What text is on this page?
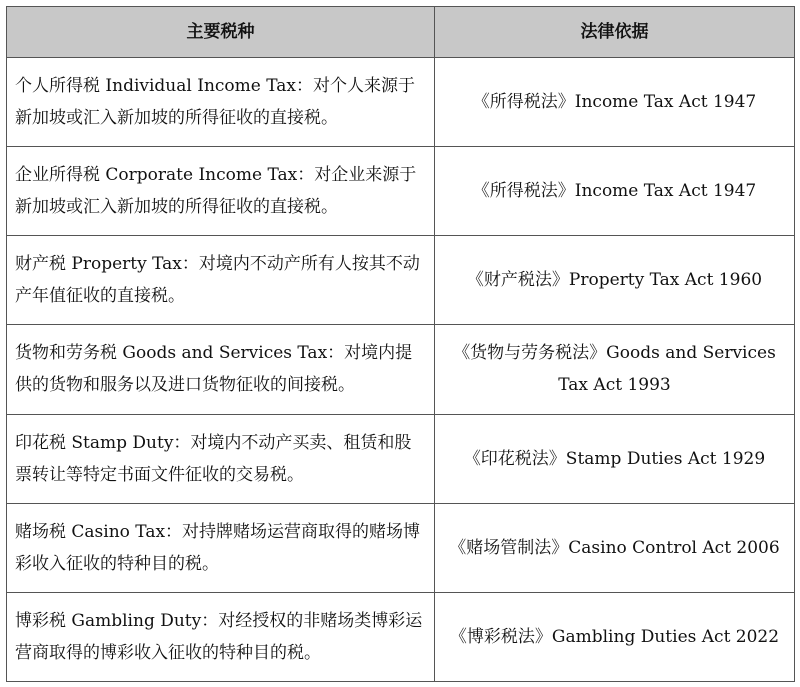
主要税种	法律依据
个人所得税 Individual Income Tax：对个人来源于新加坡或汇入新加坡的所得征收的直接税。	《所得税法》Income Tax Act 1947
企业所得税 Corporate Income Tax：对企业来源于新加坡或汇入新加坡的所得征收的直接税。	《所得税法》Income Tax Act 1947
财产税 Property Tax：对境内不动产所有人按其不动产年值征收的直接税。	《财产税法》Property Tax Act 1960
货物和劳务税 Goods and Services Tax：对境内提供的货物和服务以及进口货物征收的间接税。	《货物与劳务税法》Goods and Services Tax Act 1993
印花税 Stamp Duty：对境内不动产买卖、租赁和股票转让等特定书面文件征收的交易税。	《印花税法》Stamp Duties Act 1929
赌场税 Casino Tax：对持牌赌场运营商取得的赌场博彩收入征收的特种目的税。	《赌场管制法》Casino Control Act 2006
博彩税 Gambling Duty：对经授权的非赌场类博彩运营商取得的博彩收入征收的特种目的税。	《博彩税法》Gambling Duties Act 2022
